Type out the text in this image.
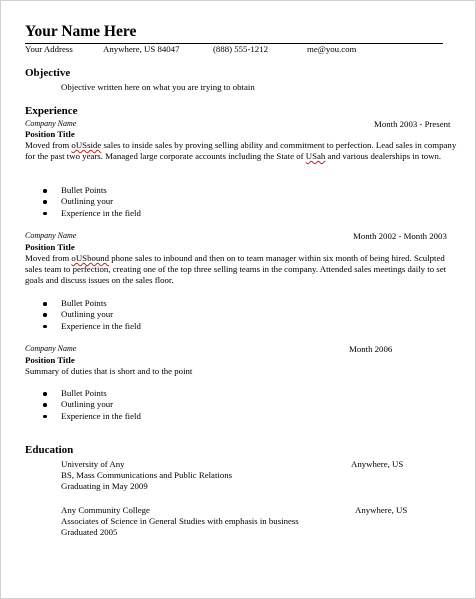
Your Name Here
Your Address	Anywhere, US 84047	(888) 555-1212	me@you.com
Objective
Objective written here on what you are trying to obtain
Experience
Company Name	Month 2003 - Present
Position Title
Moved from oUSside sales to inside sales by proving selling ability and commitment to perfection. Lead sales in company for the past two years. Managed large corporate accounts including the State of USah and various dealerships in town.
Bullet Points
Outlining your
Experience in the field
Company Name	Month 2002 - Month 2003
Position Title
Moved from oUSbound phone sales to inbound and then on to team manager within six month of being hired. Sculpted sales team to perfection, creating one of the top three selling teams in the company. Attended sales meetings daily to set goals and discuss issues on the sales floor.
Bullet Points
Outlining your
Experience in the field
Company Name	Month 2006
Position Title
Summary of duties that is short and to the point
Bullet Points
Outlining your
Experience in the field
Education
University of Any	Anywhere, US
BS, Mass Communications and Public Relations
Graduating in May 2009
Any Community College	Anywhere, US
Associates of Science in General Studies with emphasis in business
Graduated 2005
